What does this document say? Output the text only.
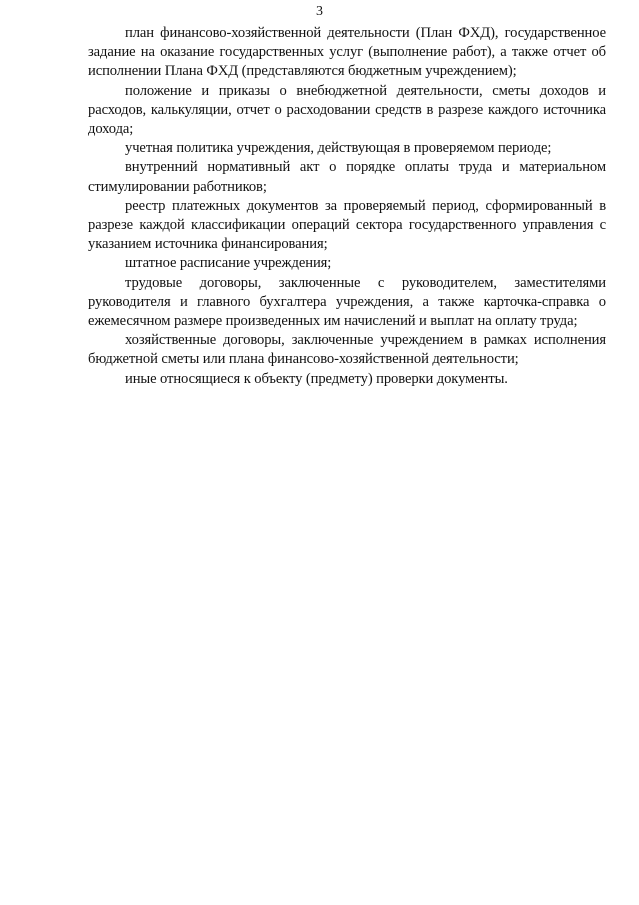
3

план финансово-хозяйственной деятельности (План ФХД), государственное задание на оказание государственных услуг (выполнение работ), а также отчет об исполнении Плана ФХД (представляются бюджетным учреждением);

положение и приказы о внебюджетной деятельности, сметы доходов и расходов, калькуляции, отчет о расходовании средств в разрезе каждого источника дохода;

учетная политика учреждения, действующая в проверяемом периоде;

внутренний нормативный акт о порядке оплаты труда и материальном стимулировании работников;

реестр платежных документов за проверяемый период, сформированный в разрезе каждой классификации операций сектора государственного управления с указанием источника финансирования;

штатное расписание учреждения;

трудовые договоры, заключенные с руководителем, заместителями руководителя и главного бухгалтера учреждения, а также карточка-справка о ежемесячном размере произведенных им начислений и выплат на оплату труда;

хозяйственные договоры, заключенные учреждением в рамках исполнения бюджетной сметы или плана финансово-хозяйственной деятельности;

иные относящиеся к объекту (предмету) проверки документы.
